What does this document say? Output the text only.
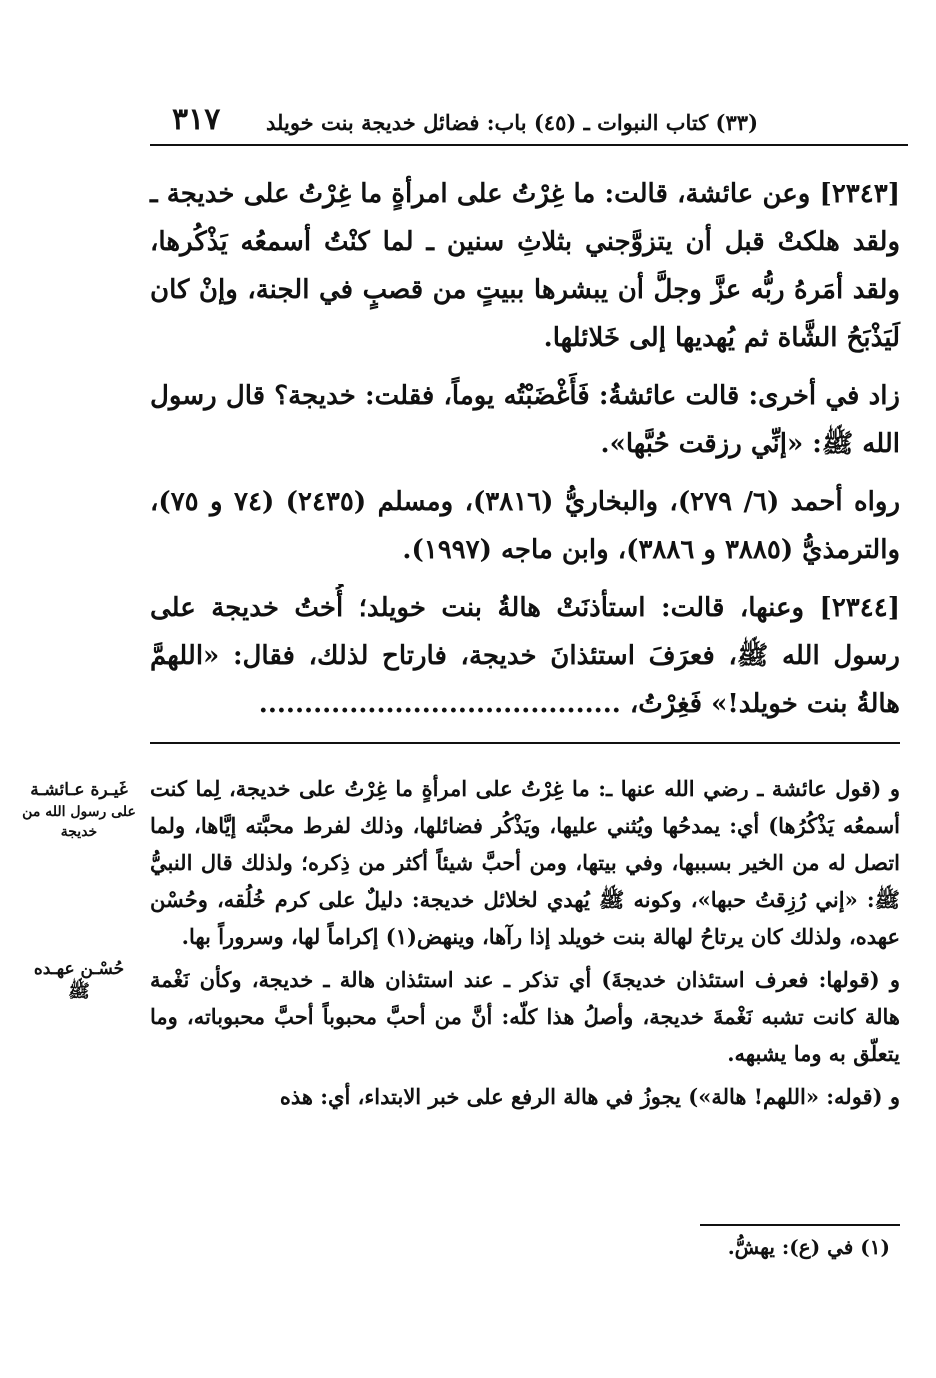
٣١٧ (٣٣) كتاب النبوات ـ (٤٥) باب: فضائل خديجة بنت خويلد

[٢٣٤٣] وعن عائشة، قالت: ما غِرْتُ على امرأةٍ ما غِرْتُ على خديجة ـ ولقد هلكتْ قبل أن يتزوَّجني بثلاثِ سنين ـ لما كنْتُ أسمعُه يَذْكُرها، ولقد أمَرهُ ربُّه عزَّ وجلَّ أن يبشرها ببيتٍ من قصبٍ في الجنة، وإنْ كان لَيَذْبَحُ الشَّاة ثم يُهديها إلى خَلائلها.

زاد في أخرى: قالت عائشةُ: فَأَغْضَبْتُه يوماً، فقلت: خديجة؟ قال رسول الله ﷺ: «إنِّي رزقت حُبَّها».

رواه أحمد (٦/ ٢٧٩)، والبخاريُّ (٣٨١٦)، ومسلم (٢٤٣٥) (٧٤ و ٧٥)، والترمذيُّ (٣٨٨٥ و ٣٨٨٦)، وابن ماجه (١٩٩٧).

[٢٣٤٤] وعنها، قالت: استأذنَتْ هالةُ بنت خويلد؛ أُختُ خديجة على رسول الله ﷺ، فعرَفَ استئذانَ خديجة، فارتاح لذلك، فقال: «اللهمَّ هالةُ بنت خويلد!» فَغِرْتُ، ........................................

غَيـرة عـائشـة
على رسول الله من خديجة
حُسْـن عهـده
ﷺ

و (قول عائشة ـ رضي الله عنها ـ: ما غِرْتُ على امرأةٍ ما غِرْتُ على خديجة، لِما كنت أسمعُه يَذْكُرُها) أي: يمدحُها ويُثني عليها، ويَذْكُر فضائلها، وذلك لفرط محبَّته إيَّاها، ولما اتصل له من الخير بسببها، وفي بيتها، ومن أحبَّ شيئاً أكثر من ذِكره؛ ولذلك قال النبيُّ ﷺ: «إني رُزِقتُ حبها»، وكونه ﷺ يُهدي لخلائل خديجة: دليلٌ على كرم خُلُقه، وحُسْن عهده، ولذلك كان يرتاحُ لهالة بنت خويلد إذا رآها، وينهض(١) إكراماً لها، وسروراً بها.

و (قولها: فعرف استئذان خديجةَ) أي تذكر ـ عند استئذان هالة ـ خديجة، وكأن نَغْمة هالة كانت تشبه نَغْمةَ خديجة، وأصلُ هذا كلّه: أنَّ من أحبَّ محبوباً أحبَّ محبوباته، وما يتعلّق به وما يشبهه.

و (قوله: «اللهم! هالة») يجوزُ في هالة الرفع على خبر الابتداء، أي: هذه

(١) في (ع): يهشُّ.
